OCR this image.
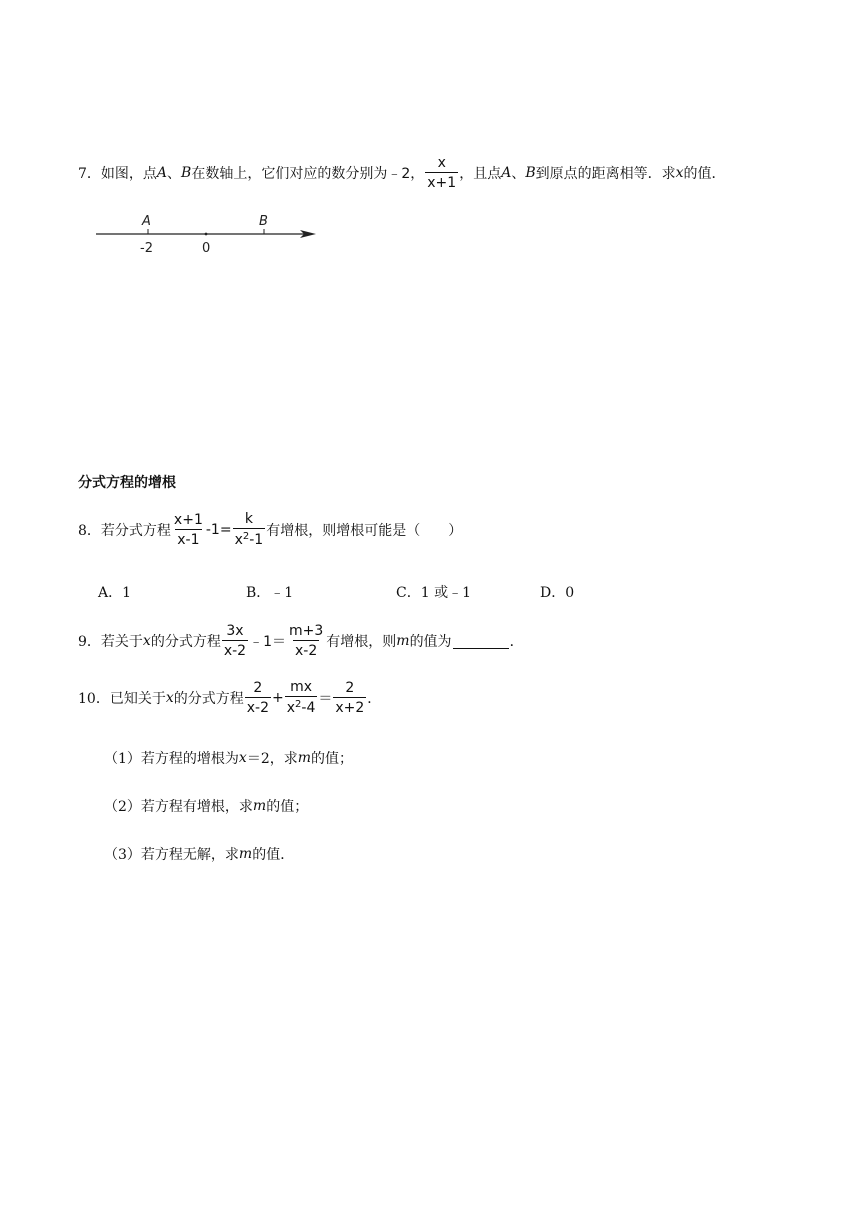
7． 如图，点 A 、 B 在数轴上，它们对应的数分别为 ﹣2， $\frac{x}{x+1}$ ，且点 A 、 B 到原点的距离相等．求 x 的值．
A	B
-2	0
分式方程的增根
8． 若分式方程 $\frac{x+1}{x-1} -1= \frac{k}{x^2-1}$ 有增根，则增根可能是（　　）
A．1	B．﹣1	C．1 或﹣1	D．0
9． 若关于 x 的分式方程 $\frac{3x}{x-2}$ ﹣1＝ $\frac{m+3}{x-2}$ 有增根，则 m 的值为	．
10． 已知关于 x 的分式方程 $\frac{2}{x-2} + \frac{mx}{x^2-4} = \frac{2}{x+2}$ ．
（1）若方程的增根为 x ＝2，求 m 的值；
（2）若方程有增根，求 m 的值；
（3）若方程无解，求 m 的值．
